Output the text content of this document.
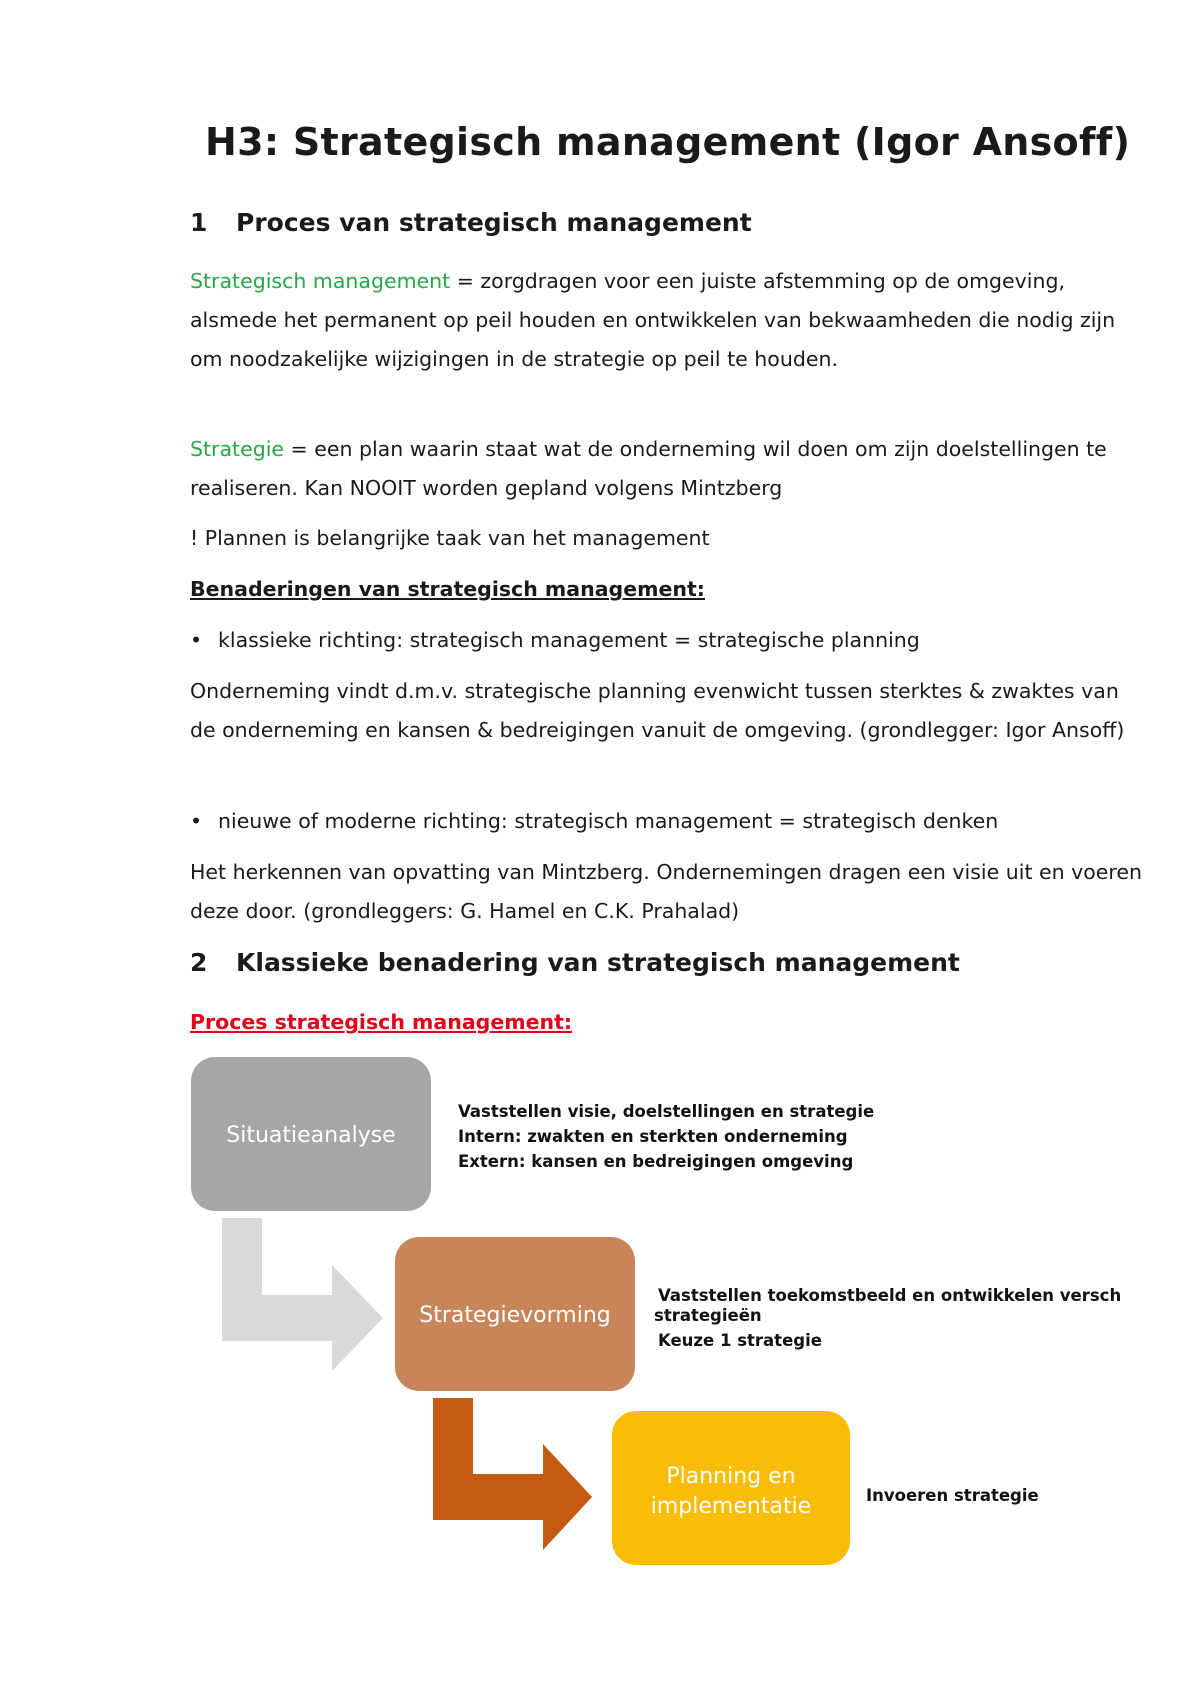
H3: Strategisch management (Igor Ansoff)
1 Proces van strategisch management
Strategisch management = zorgdragen voor een juiste afstemming op de omgeving, alsmede het permanent op peil houden en ontwikkelen van bekwaamheden die nodig zijn om noodzakelijke wijzigingen in de strategie op peil te houden.
Strategie = een plan waarin staat wat de onderneming wil doen om zijn doelstellingen te realiseren. Kan NOOIT worden gepland volgens Mintzberg
! Plannen is belangrijke taak van het management
Benaderingen van strategisch management:
• klassieke richting: strategisch management = strategische planning
Onderneming vindt d.m.v. strategische planning evenwicht tussen sterktes & zwaktes van de onderneming en kansen & bedreigingen vanuit de omgeving. (grondlegger: Igor Ansoff)
• nieuwe of moderne richting: strategisch management = strategisch denken
Het herkennen van opvatting van Mintzberg. Ondernemingen dragen een visie uit en voeren deze door. (grondleggers: G. Hamel en C.K. Prahalad)
2 Klassieke benadering van strategisch management
Proces strategisch management:
Situatieanalyse
Strategievorming
Planning en
implementatie
Vaststellen visie, doelstellingen en strategie
Intern: zwakten en sterkten onderneming
Extern: kansen en bedreigingen omgeving
Vaststellen toekomstbeeld en ontwikkelen versch
strategieën
Keuze 1 strategie
Invoeren strategie
